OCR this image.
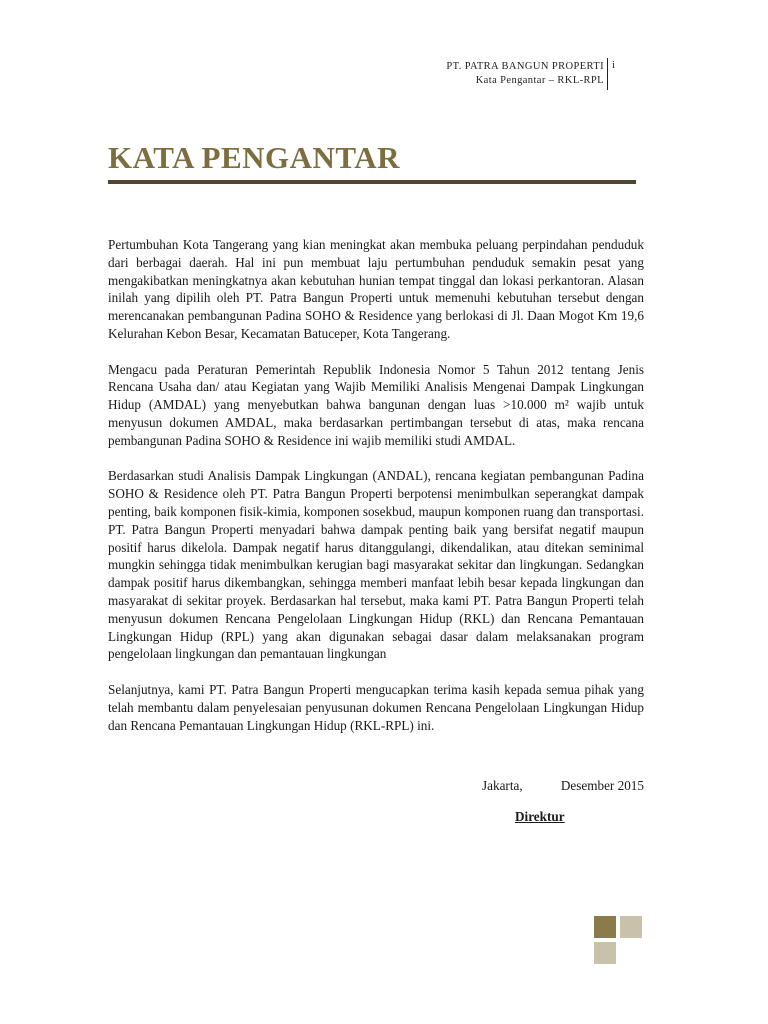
PT. PATRA BANGUN PROPERTI
Kata Pengantar – RKL-RPL
i
KATA PENGANTAR

Pertumbuhan Kota Tangerang yang kian meningkat akan membuka peluang perpindahan penduduk dari berbagai daerah. Hal ini pun membuat laju pertumbuhan penduduk semakin pesat yang mengakibatkan meningkatnya akan kebutuhan hunian tempat tinggal dan lokasi perkantoran. Alasan inilah yang dipilih oleh PT. Patra Bangun Properti untuk memenuhi kebutuhan tersebut dengan merencanakan pembangunan Padina SOHO & Residence yang berlokasi di Jl. Daan Mogot Km 19,6 Kelurahan Kebon Besar, Kecamatan Batuceper, Kota Tangerang.

Mengacu pada Peraturan Pemerintah Republik Indonesia Nomor 5 Tahun 2012 tentang Jenis Rencana Usaha dan/ atau Kegiatan yang Wajib Memiliki Analisis Mengenai Dampak Lingkungan Hidup (AMDAL) yang menyebutkan bahwa bangunan dengan luas >10.000 m² wajib untuk menyusun dokumen AMDAL, maka berdasarkan pertimbangan tersebut di atas, maka rencana pembangunan Padina SOHO & Residence ini wajib memiliki studi AMDAL.

Berdasarkan studi Analisis Dampak Lingkungan (ANDAL), rencana kegiatan pembangunan Padina SOHO & Residence oleh PT. Patra Bangun Properti berpotensi menimbulkan seperangkat dampak penting, baik komponen fisik-kimia, komponen sosekbud, maupun komponen ruang dan transportasi. PT. Patra Bangun Properti menyadari bahwa dampak penting baik yang bersifat negatif maupun positif harus dikelola. Dampak negatif harus ditanggulangi, dikendalikan, atau ditekan seminimal mungkin sehingga tidak menimbulkan kerugian bagi masyarakat sekitar dan lingkungan. Sedangkan dampak positif harus dikembangkan, sehingga memberi manfaat lebih besar kepada lingkungan dan masyarakat di sekitar proyek. Berdasarkan hal tersebut, maka kami PT. Patra Bangun Properti telah menyusun dokumen Rencana Pengelolaan Lingkungan Hidup (RKL) dan Rencana Pemantauan Lingkungan Hidup (RPL) yang akan digunakan sebagai dasar dalam melaksanakan program pengelolaan lingkungan dan pemantauan lingkungan

Selanjutnya, kami PT. Patra Bangun Properti mengucapkan terima kasih kepada semua pihak yang telah membantu dalam penyelesaian penyusunan dokumen Rencana Pengelolaan Lingkungan Hidup dan Rencana Pemantauan Lingkungan Hidup (RKL-RPL) ini.

Jakarta,	Desember 2015
Direktur
